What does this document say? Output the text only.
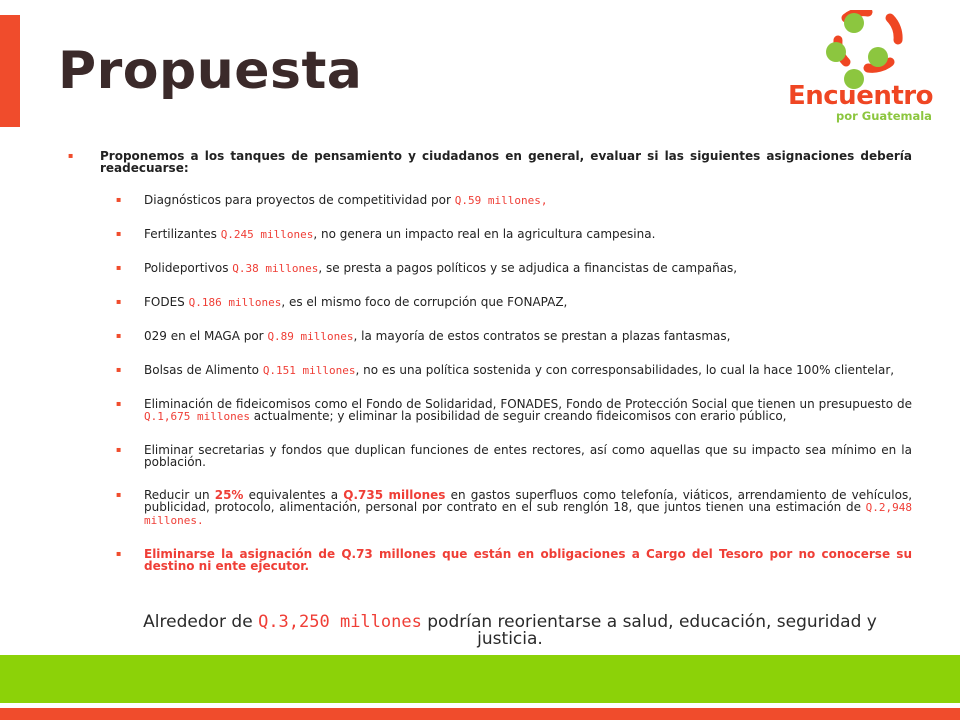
Propuesta	Encuentro
por Guatemala
▪ Proponemos a los tanques de pensamiento y ciudadanos en general, evaluar si las siguientes asignaciones debería readecuarse:
▪ Diagnósticos para proyectos de competitividad por Q.59 millones,
▪ Fertilizantes Q.245 millones, no genera un impacto real en la agricultura campesina.
▪ Polideportivos Q.38 millones, se presta a pagos políticos y se adjudica a financistas de campañas,
▪ FODES Q.186 millones, es el mismo foco de corrupción que FONAPAZ,
▪ 029 en el MAGA por Q.89 millones, la mayoría de estos contratos se prestan a plazas fantasmas,
▪ Bolsas de Alimento Q.151 millones, no es una política sostenida y con corresponsabilidades, lo cual la hace 100% clientelar,
▪ Eliminación de fideicomisos como el Fondo de Solidaridad, FONADES, Fondo de Protección Social que tienen un presupuesto de Q.1,675 millones actualmente; y eliminar la posibilidad de seguir creando fideicomisos con erario público,
▪ Eliminar secretarias y fondos que duplican funciones de entes rectores, así como aquellas que su impacto sea mínimo en la población.
▪ Reducir un 25% equivalentes a Q.735 millones en gastos superfluos como telefonía, viáticos, arrendamiento de vehículos, publicidad, protocolo, alimentación, personal por contrato en el sub renglón 18, que juntos tienen una estimación de Q.2,948 millones.
▪ Eliminarse la asignación de Q.73 millones que están en obligaciones a Cargo del Tesoro por no conocerse su destino ni ente ejecutor.
Alrededor de Q.3,250 millones podrían reorientarse a salud, educación, seguridad y justicia.
